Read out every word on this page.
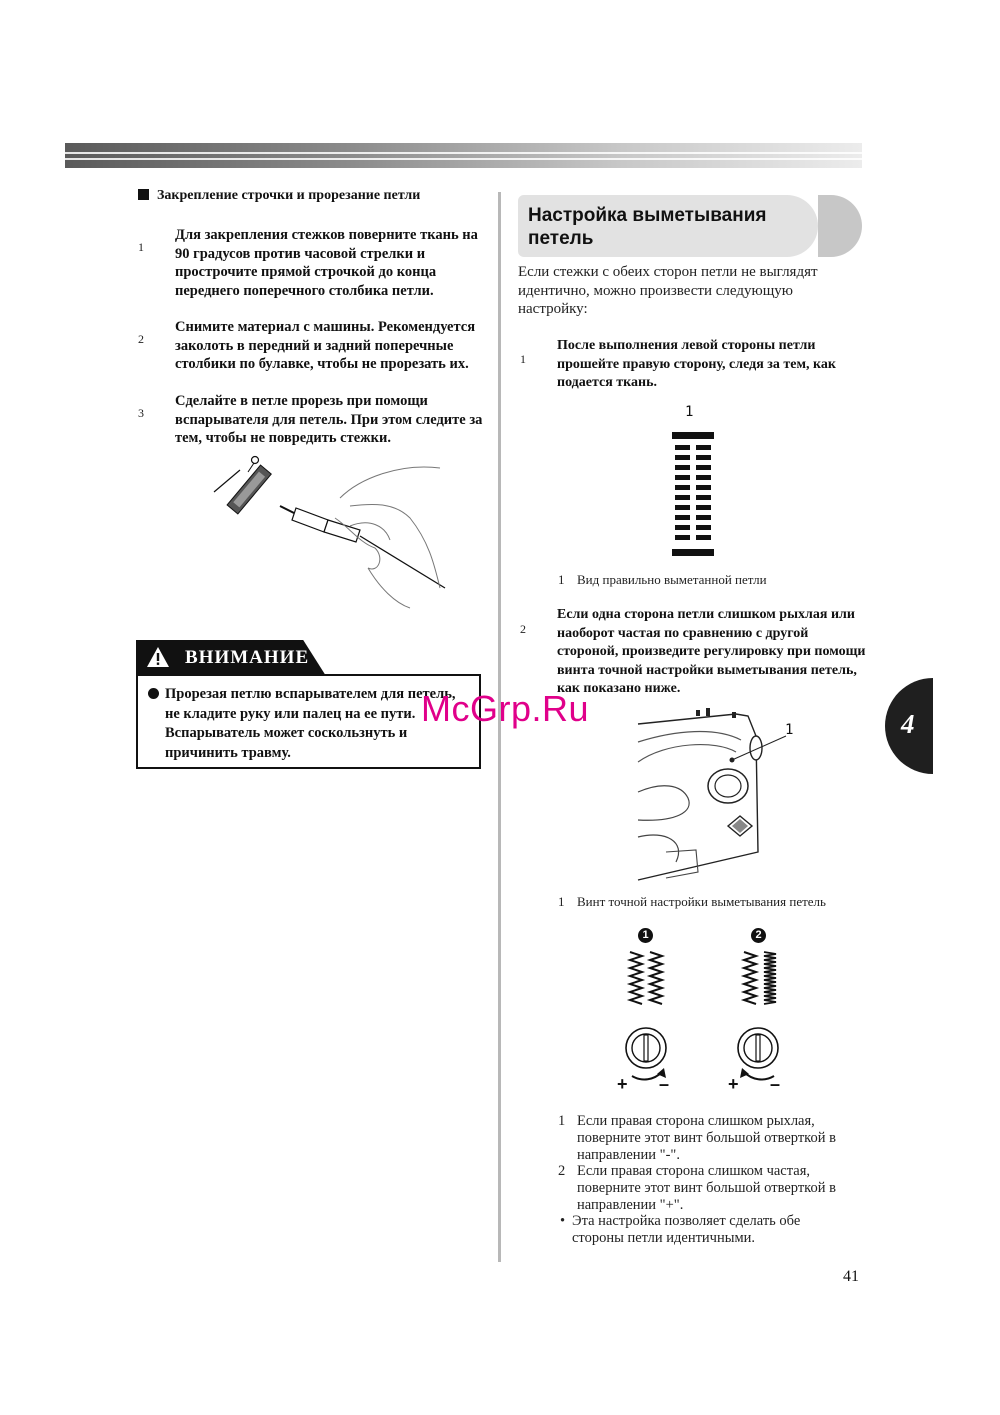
Закрепление строчки и прорезание петли
1
Для закрепления стежков поверните ткань на 90 градусов против часовой стрелки и прострочите прямой строчкой до конца переднего поперечного столбика петли.
2
Снимите материал с машины. Рекомендуется заколоть в передний и задний поперечные столбики по булавке, чтобы не прорезать их.
3
Сделайте в петле прорезь при помощи вспарывателя для петель. При этом следите за тем, чтобы не повредить стежки.
ВНИМАНИЕ
Прорезая петлю вспарывателем для петель, не кладите руку или палец на ее пути. Вспарыватель может соскользнуть и причинить травму.
Настройка выметывания
петель
Если стежки с обеих сторон петли не выглядят идентично, можно произвести следующую настройку:
1
После выполнения левой стороны петли прошейте правую сторону, следя за тем, как подается ткань.
1
1 Вид правильно выметанной петли
2
Если одна сторона петли слишком рыхлая или наоборот частая по сравнению с другой стороной, произведите регулировку при помощи винта точной настройки выметывания петель, как показано ниже.
1
1 Винт точной настройки выметывания петель
1	2
+ –	+ –
1 Если правая сторона слишком рыхлая, поверните этот винт большой отверткой в направлении "-".
2 Если правая сторона слишком частая, поверните этот винт большой отверткой в направлении "+".
• Эта настройка позволяет сделать обе стороны петли идентичными.
4
McGrp.Ru
41
